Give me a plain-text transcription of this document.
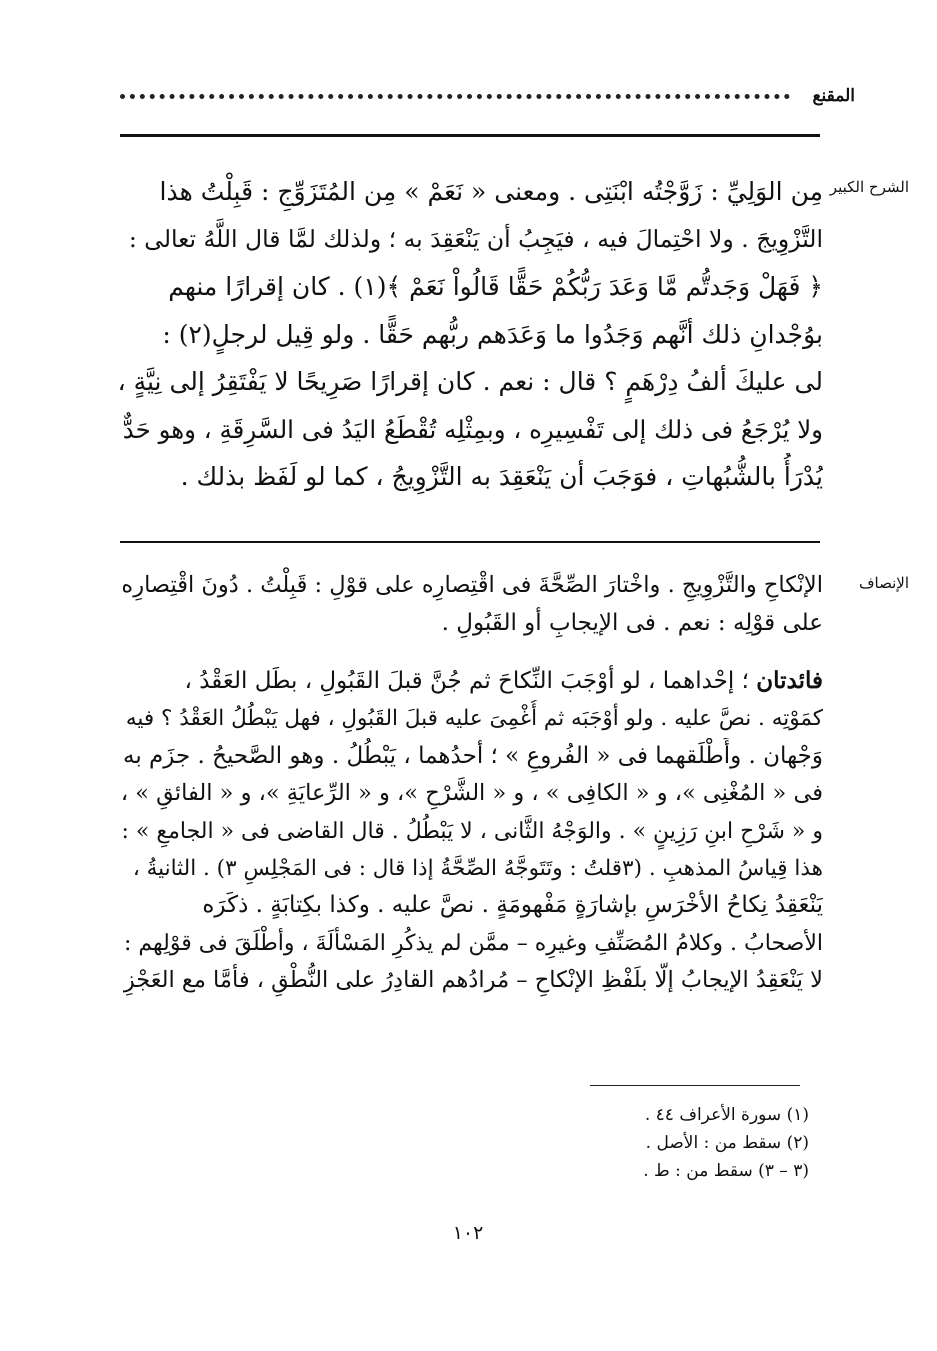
المقنع
الشرح الكبير
مِن الوَلِيِّ : زَوَّجْتُه ابْنَتِى . ومعنى « نَعَمْ » مِن المُتَزَوِّجِ : قَبِلْتُ هذا
التَّزْوِيجَ . ولا احْتِمالَ فيه ، فيَجِبُ أن يَنْعَقِدَ به ؛ ولذلك لمَّا قال اللَّهُ تعالى :
﴿ فَهَلْ وَجَدتُّم مَّا وَعَدَ رَبُّكُمْ حَقًّا قَالُواْ نَعَمْ ﴾(١) . كان إقرارًا منهم
بوُجْدانِ ذلك أنَّهم وَجَدُوا ما وَعَدَهم ربُّهم حَقًّا . ولو قِيل لرجلٍ(٢) :
لى عليكَ ألفُ دِرْهَمٍ ؟ قال : نعم . كان إقرارًا صَرِيحًا لا يَفْتَقِرُ إلى نِيَّةٍ ،
ولا يُرْجَعُ فى ذلك إلى تَفْسِيرِه ، وبمِثْلِه تُقْطَعُ اليَدُ فى السَّرِقَةِ ، وهو حَدٌّ
يُدْرَأُ بالشُّبُهاتِ ، فوَجَبَ أن يَنْعَقِدَ به التَّزْوِيجُ ، كما لو لَفَظ بذلك .
الإنصاف
الإنْكاحِ والتَّزْوِيجِ . واخْتارَ الصِّحَّةَ فى اقْتِصارِه على قوْلِ : قَبِلْتُ . دُونَ اقْتِصارِه
على قوْلِه : نعم . فى الإيجابِ أو القَبُولِ .
فائدتان ؛ إحْداهما ، لو أوْجَبَ النِّكاحَ ثم جُنَّ قبلَ القَبُولِ ، بطَل العَقْدُ ،
كمَوْتِه . نصَّ عليه . ولو أوْجَبَه ثم أُغْمِىَ عليه قبلَ القَبُولِ ، فهل يَبْطُلُ العَقْدُ ؟ فيه
وَجْهان . وأَطْلَقهما فى « الفُروعِ » ؛ أحدُهما ، يَبْطُلُ . وهو الصَّحيحُ . جزَم به
فى « المُغْنِى »، و « الكافِى » ، و « الشَّرْحِ »، و « الرِّعايَةِ »، و « الفائقِ » ،
و « شَرْحِ ابنِ رَزِينٍ » . والوَجْهُ الثَّانى ، لا يَبْطُلُ . قال القاضى فى « الجامعِ » :
هذا قِياسُ المذهبِ . (٣قلتُ : وتَتَوجَّهُ الصِّحَّةُ إذا قال : فى المَجْلِسِ ٣) . الثانيةُ ،
يَنْعَقِدُ نِكاحُ الأخْرَسِ بإشارَةٍ مَفْهومَةٍ . نصَّ عليه . وكذا بكِتابَةٍ . ذكَرَه
الأصحابُ . وكلامُ المُصَنِّفِ وغيرِه – ممَّن لم يذكُرِ المَسْألَةَ ، وأطْلَقَ فى قوْلِهم :
لا يَنْعَقِدُ الإيجابُ إلَّا بلَفْظِ الإنْكاحِ – مُرادُهم القادِرُ على النُّطْقِ ، فأمَّا مع العَجْزِ
(١) سورة الأعراف ٤٤ .
(٢) سقط من : الأصل .
(٣ – ٣) سقط من : ط .
١٠٢
